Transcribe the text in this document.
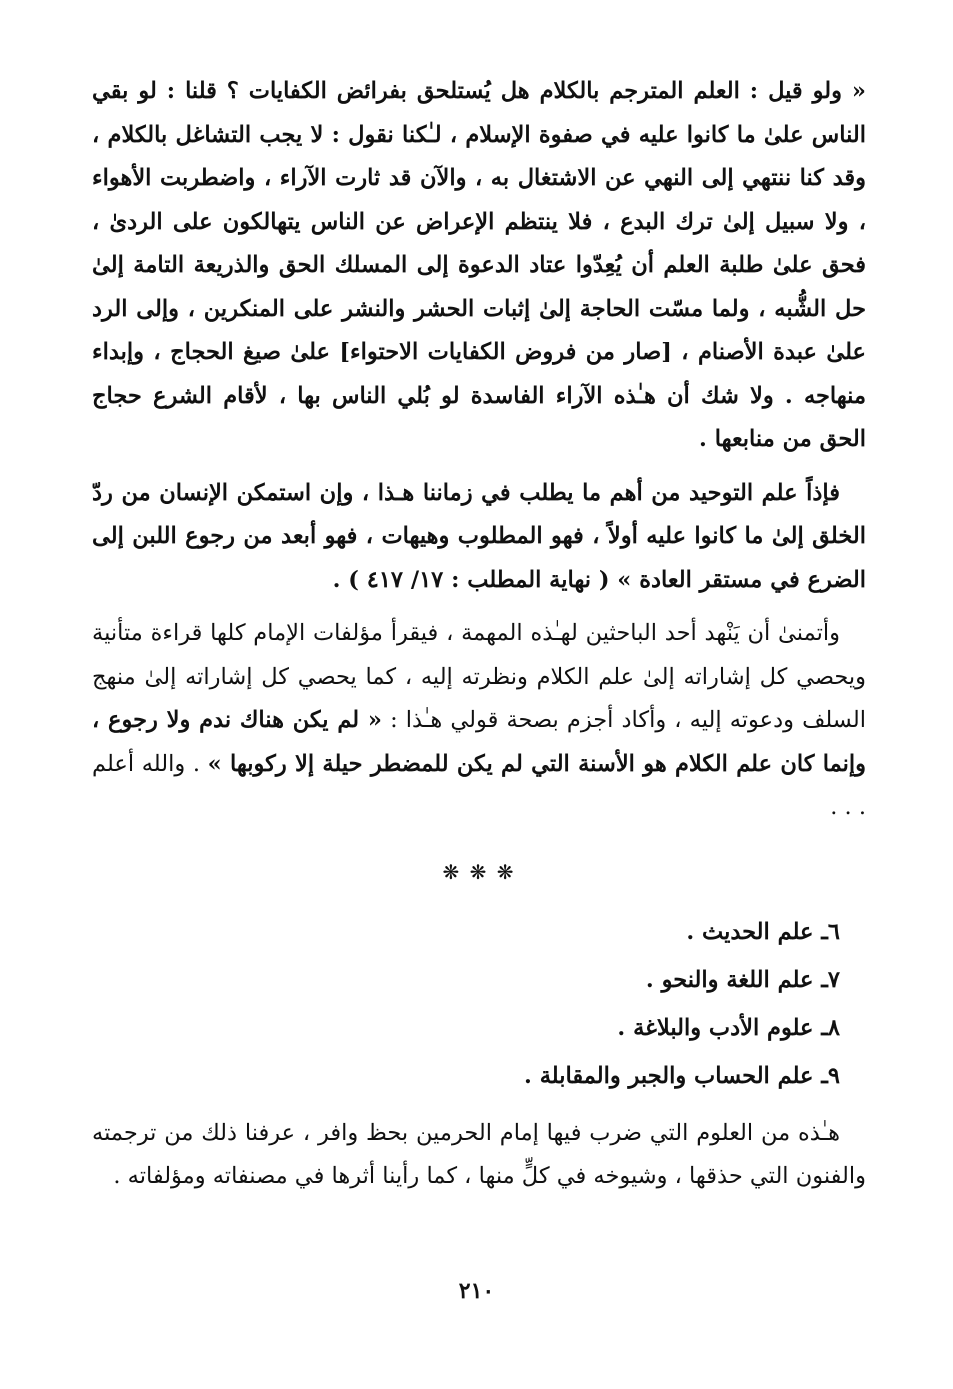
« ولو قيل : العلم المترجم بالكلام هل يُستلحق بفرائض الكفايات ؟ قلنا : لو بقي الناس علىٰ ما كانوا عليه في صفوة الإسلام ، لـٰكنا نقول : لا يجب التشاغل بالكلام ، وقد كنا ننتهي إلى النهي عن الاشتغال به ، والآن قد ثارت الآراء ، واضطربت الأهواء ، ولا سبيل إلىٰ ترك البدع ، فلا ينتظم الإعراض عن الناس يتهالكون على الردىٰ ، فحق علىٰ طلبة العلم أن يُعِدّوا عتاد الدعوة إلى المسلك الحق والذريعة التامة إلىٰ حل الشُّبه ، ولما مسّت الحاجة إلىٰ إثبات الحشر والنشر على المنكرين ، وإلى الرد علىٰ عبدة الأصنام ، [صار من فروض الكفايات الاحتواء] علىٰ صيغ الحجاج ، وإبداء منهاجه . ولا شك أن هـٰذه الآراء الفاسدة لو بُلي الناس بها ، لأقام الشرع حجاج الحق من منابعها .

فإذاً علم التوحيد من أهم ما يطلب في زماننا هـذا ، وإن استمكن الإنسان من ردّ الخلق إلىٰ ما كانوا عليه أولاً ، فهو المطلوب وهيهات ، فهو أبعد من رجوع اللبن إلى الضرع في مستقر العادة » ( نهاية المطلب : ١٧/ ٤١٧ ) .

وأتمنىٰ أن يَنْهد أحد الباحثين لهـٰذه المهمة ، فيقرأ مؤلفات الإمام كلها قراءة متأنية ويحصي كل إشاراته إلىٰ علم الكلام ونظرته إليه ، كما يحصي كل إشاراته إلىٰ منهج السلف ودعوته إليه ، وأكاد أجزم بصحة قولي هـٰذا : « لم يكن هناك ندم ولا رجوع ، وإنما كان علم الكلام هو الأسنة التي لم يكن للمضطر حيلة إلا ركوبها » . والله أعلم . . .

❋ ❋ ❋
٦ـ علم الحديث .
٧ـ علم اللغة والنحو .
٨ـ علوم الأدب والبلاغة .
٩ـ علم الحساب والجبر والمقابلة .

هـٰذه من العلوم التي ضرب فيها إمام الحرمين بحظ وافر ، عرفنا ذلك من ترجمته والفنون التي حذقها ، وشيوخه في كلٍّ منها ، كما رأينا أثرها في مصنفاته ومؤلفاته .

٢١٠
